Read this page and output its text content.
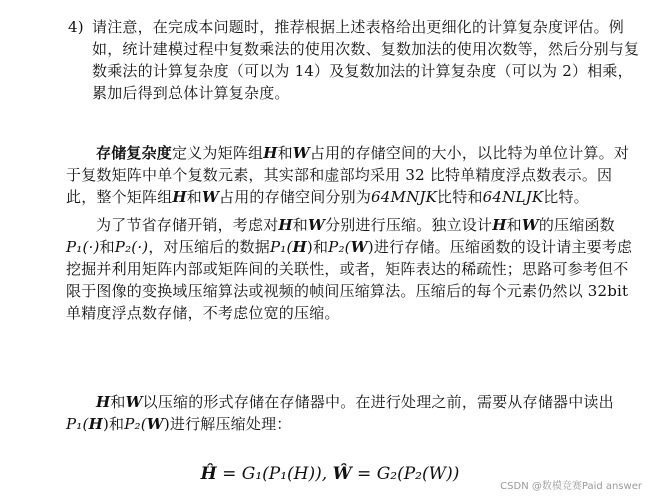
4) 请注意，在完成本问题时，推荐根据上述表格给出更细化的计算复杂度评估。例如，统计建模过程中复数乘法的使用次数、复数加法的使用次数等，然后分别与复数乘法的计算复杂度（可以为 14）及复数加法的计算复杂度（可以为 2）相乘，累加后得到总体计算复杂度。
存储复杂度定义为矩阵组H和W占用的存储空间的大小，以比特为单位计算。对于复数矩阵中单个复数元素，其实部和虚部均采用 32 比特单精度浮点数表示。因此，整个矩阵组H和W占用的存储空间分别为64MNJK比特和64NLJK比特。
为了节省存储开销，考虑对H和W分别进行压缩。独立设计H和W的压缩函数P₁(·)和P₂(·)，对压缩后的数据P₁(H)和P₂(W)进行存储。压缩函数的设计请主要考虑挖掘并利用矩阵内部或矩阵间的关联性，或者，矩阵表达的稀疏性；思路可参考但不限于图像的变换域压缩算法或视频的帧间压缩算法。压缩后的每个元素仍然以 32bit 单精度浮点数存储，不考虑位宽的压缩。
H和W以压缩的形式存储在存储器中。在进行处理之前，需要从存储器中读出P₁(H)和P₂(W)进行解压缩处理：
Ĥ = G₁(P₁(H)), Ŵ = G₂(P₂(W))
CSDN @数模竞赛Paid answer
